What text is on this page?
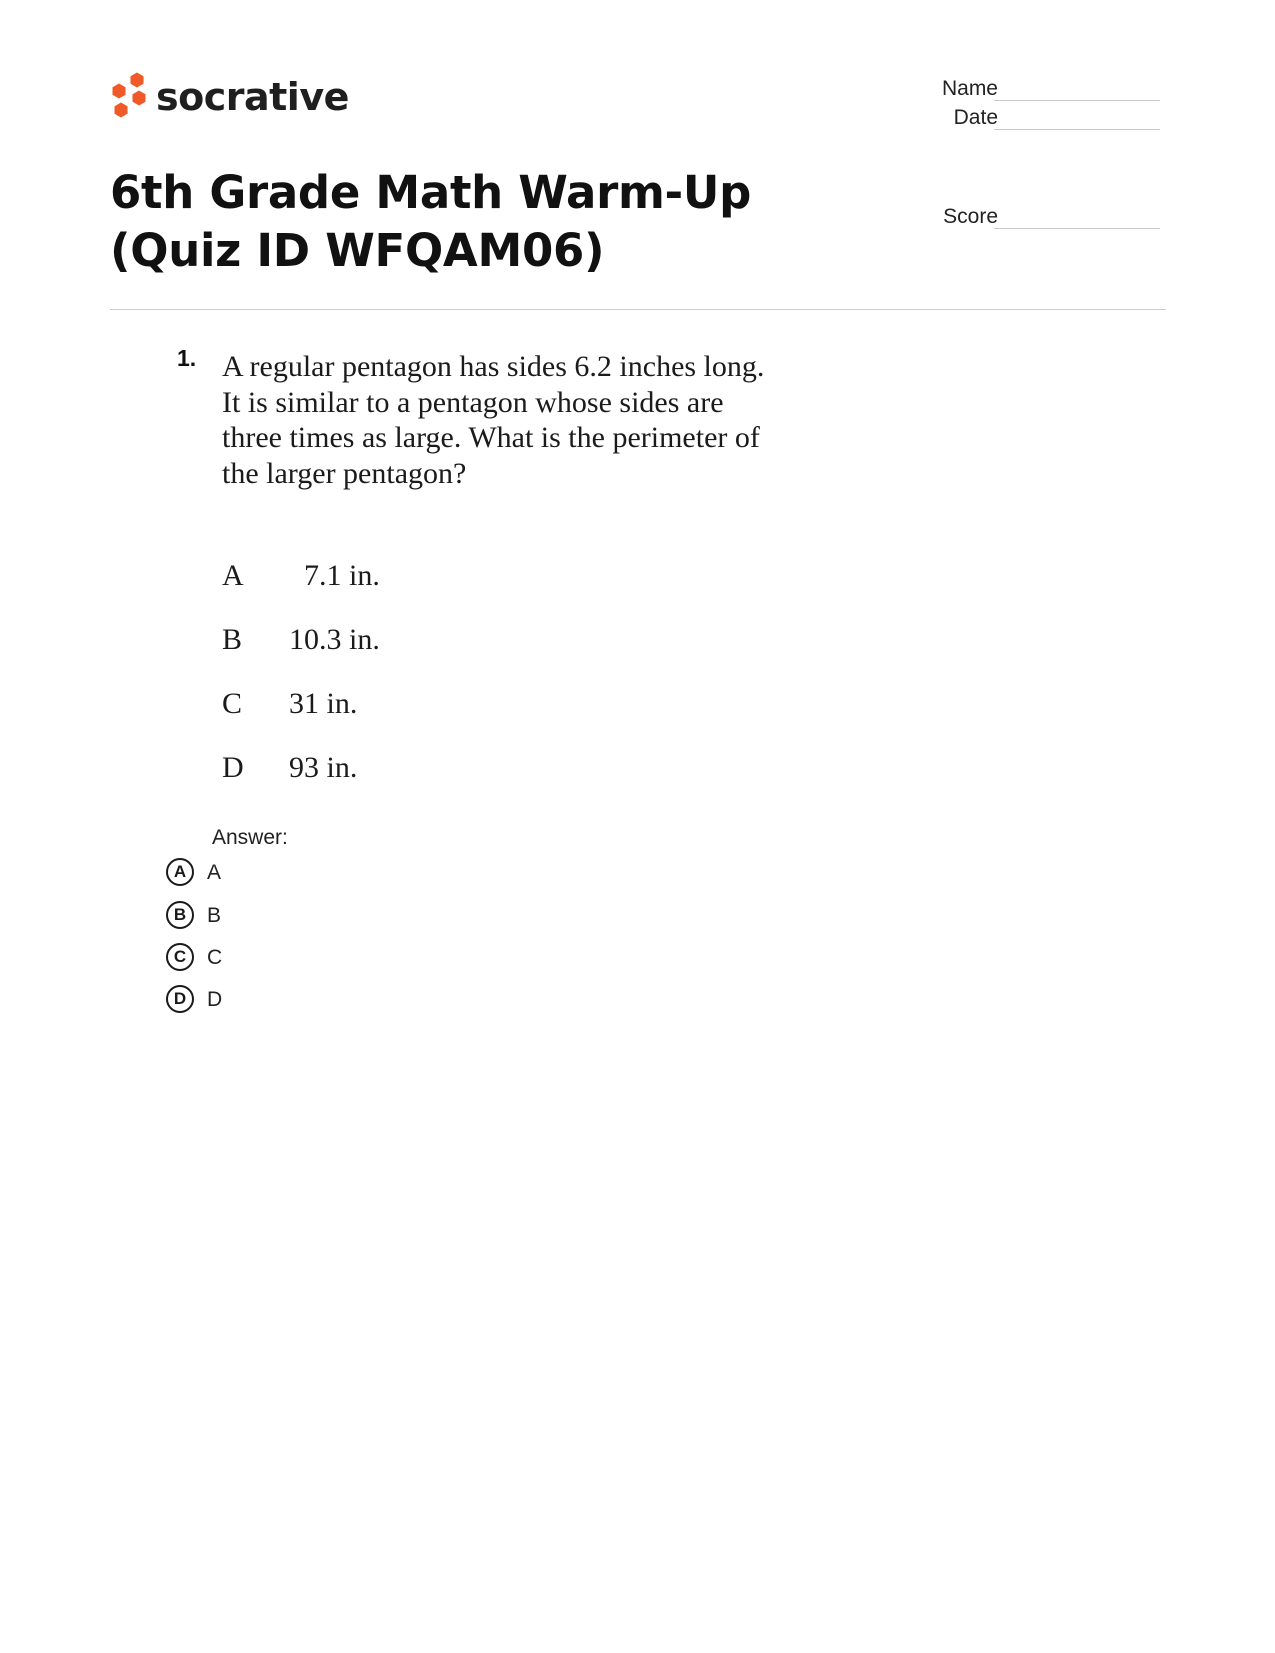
socrative	Name
Date
Score
6th Grade Math Warm-Up (Quiz ID WFQAM06)
1. A regular pentagon has sides 6.2 inches long. It is similar to a pentagon whose sides are three times as large. What is the perimeter of the larger pentagon?

A 7.1 in.
B 10.3 in.
C 31 in.
D 93 in.
Answer:
A A
B B
C C
D D
